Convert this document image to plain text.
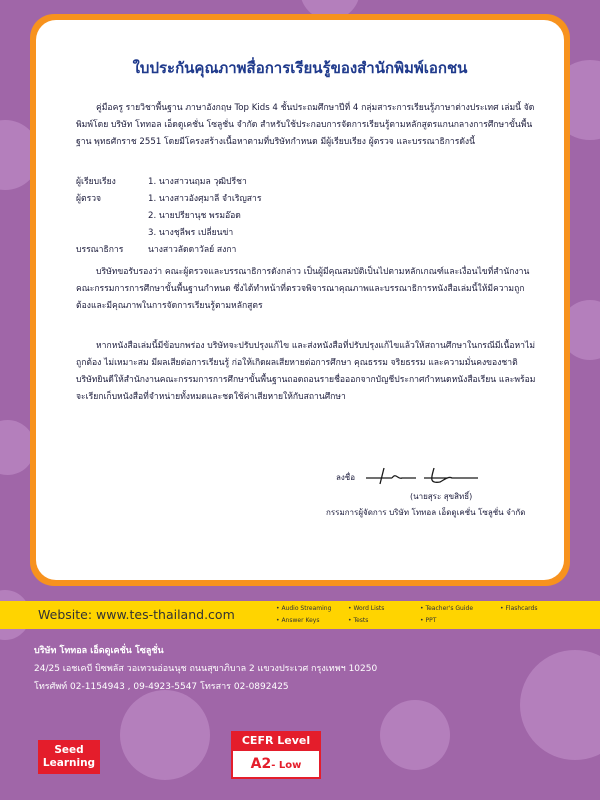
ใบประกันคุณภาพสื่อการเรียนรู้ของสำนักพิมพ์เอกชน
คู่มือครู รายวิชาพื้นฐาน ภาษาอังกฤษ Top Kids 4 ชั้นประถมศึกษาปีที่ 4 กลุ่มสาระการเรียนรู้ภาษาต่างประเทศ เล่มนี้ จัดพิมพ์โดย บริษัท โททอล เอ็ดดูเคชั่น โซลูชั่น จำกัด สำหรับใช้ประกอบการจัดการเรียนรู้ตามหลักสูตรแกนกลางการศึกษาขั้นพื้นฐาน พุทธศักราช 2551 โดยมีโครงสร้างเนื้อหาตามที่บริษัทกำหนด มีผู้เรียบเรียง ผู้ตรวจ และบรรณาธิการดังนี้
ผู้เรียบเรียง	1. นางสาวนฤมล วุฒิปรีชา
ผู้ตรวจ	1. นางสาวอังศุมาลี จำเริญสาร
2. นายปรียานุช พรมอ๊อด
3. นางชุลีพร เปลี่ยนข่า
บรรณาธิการ	นางสาวลัดดาวัลย์ สงกา
บริษัทขอรับรองว่า คณะผู้ตรวจและบรรณาธิการดังกล่าว เป็นผู้มีคุณสมบัติเป็นไปตามหลักเกณฑ์และเงื่อนไขที่สำนักงานคณะกรรมการการศึกษาขั้นพื้นฐานกำหนด ซึ่งได้ทำหน้าที่ตรวจพิจารณาคุณภาพและบรรณาธิการหนังสือเล่มนี้ให้มีความถูกต้องและมีคุณภาพในการจัดการเรียนรู้ตามหลักสูตร
หากหนังสือเล่มนี้มีข้อบกพร่อง บริษัทจะปรับปรุงแก้ไข และส่งหนังสือที่ปรับปรุงแก้ไขแล้วให้สถานศึกษาในกรณีมีเนื้อหาไม่ถูกต้อง ไม่เหมาะสม มีผลเสียต่อการเรียนรู้ ก่อให้เกิดผลเสียหายต่อการศึกษา คุณธรรม จริยธรรม และความมั่นคงของชาติ บริษัทยินดีให้สำนักงานคณะกรรมการการศึกษาขั้นพื้นฐานถอดถอนรายชื่อออกจากบัญชีประกาศกำหนดหนังสือเรียน และพร้อมจะเรียกเก็บหนังสือที่จำหน่ายทั้งหมดและชดใช้ค่าเสียหายให้กับสถานศึกษา
ลงชื่อ
(นายสุระ สุขสิทธิ์)
กรรมการผู้จัดการ บริษัท โททอล เอ็ดดูเคชั่น โซลูชั่น จำกัด
Website: www.tes-thailand.com	• Audio Streaming	• Word Lists	• Teacher's Guide	• Flashcards
• Answer Keys	• Tests	• PPT
บริษัท โททอล เอ็ดดูเคชั่น โซลูชั่น
24/25 เอชเคบี บิซพลัส วอเทวนอ่อนนุช ถนนสุขาภิบาล 2 แขวงประเวศ กรุงเทพฯ 10250
โทรศัพท์ 02-1154943 , 09-4923-5547 โทรสาร 02-0892425
Seed
Learning
CEFR Level
A2- Low
